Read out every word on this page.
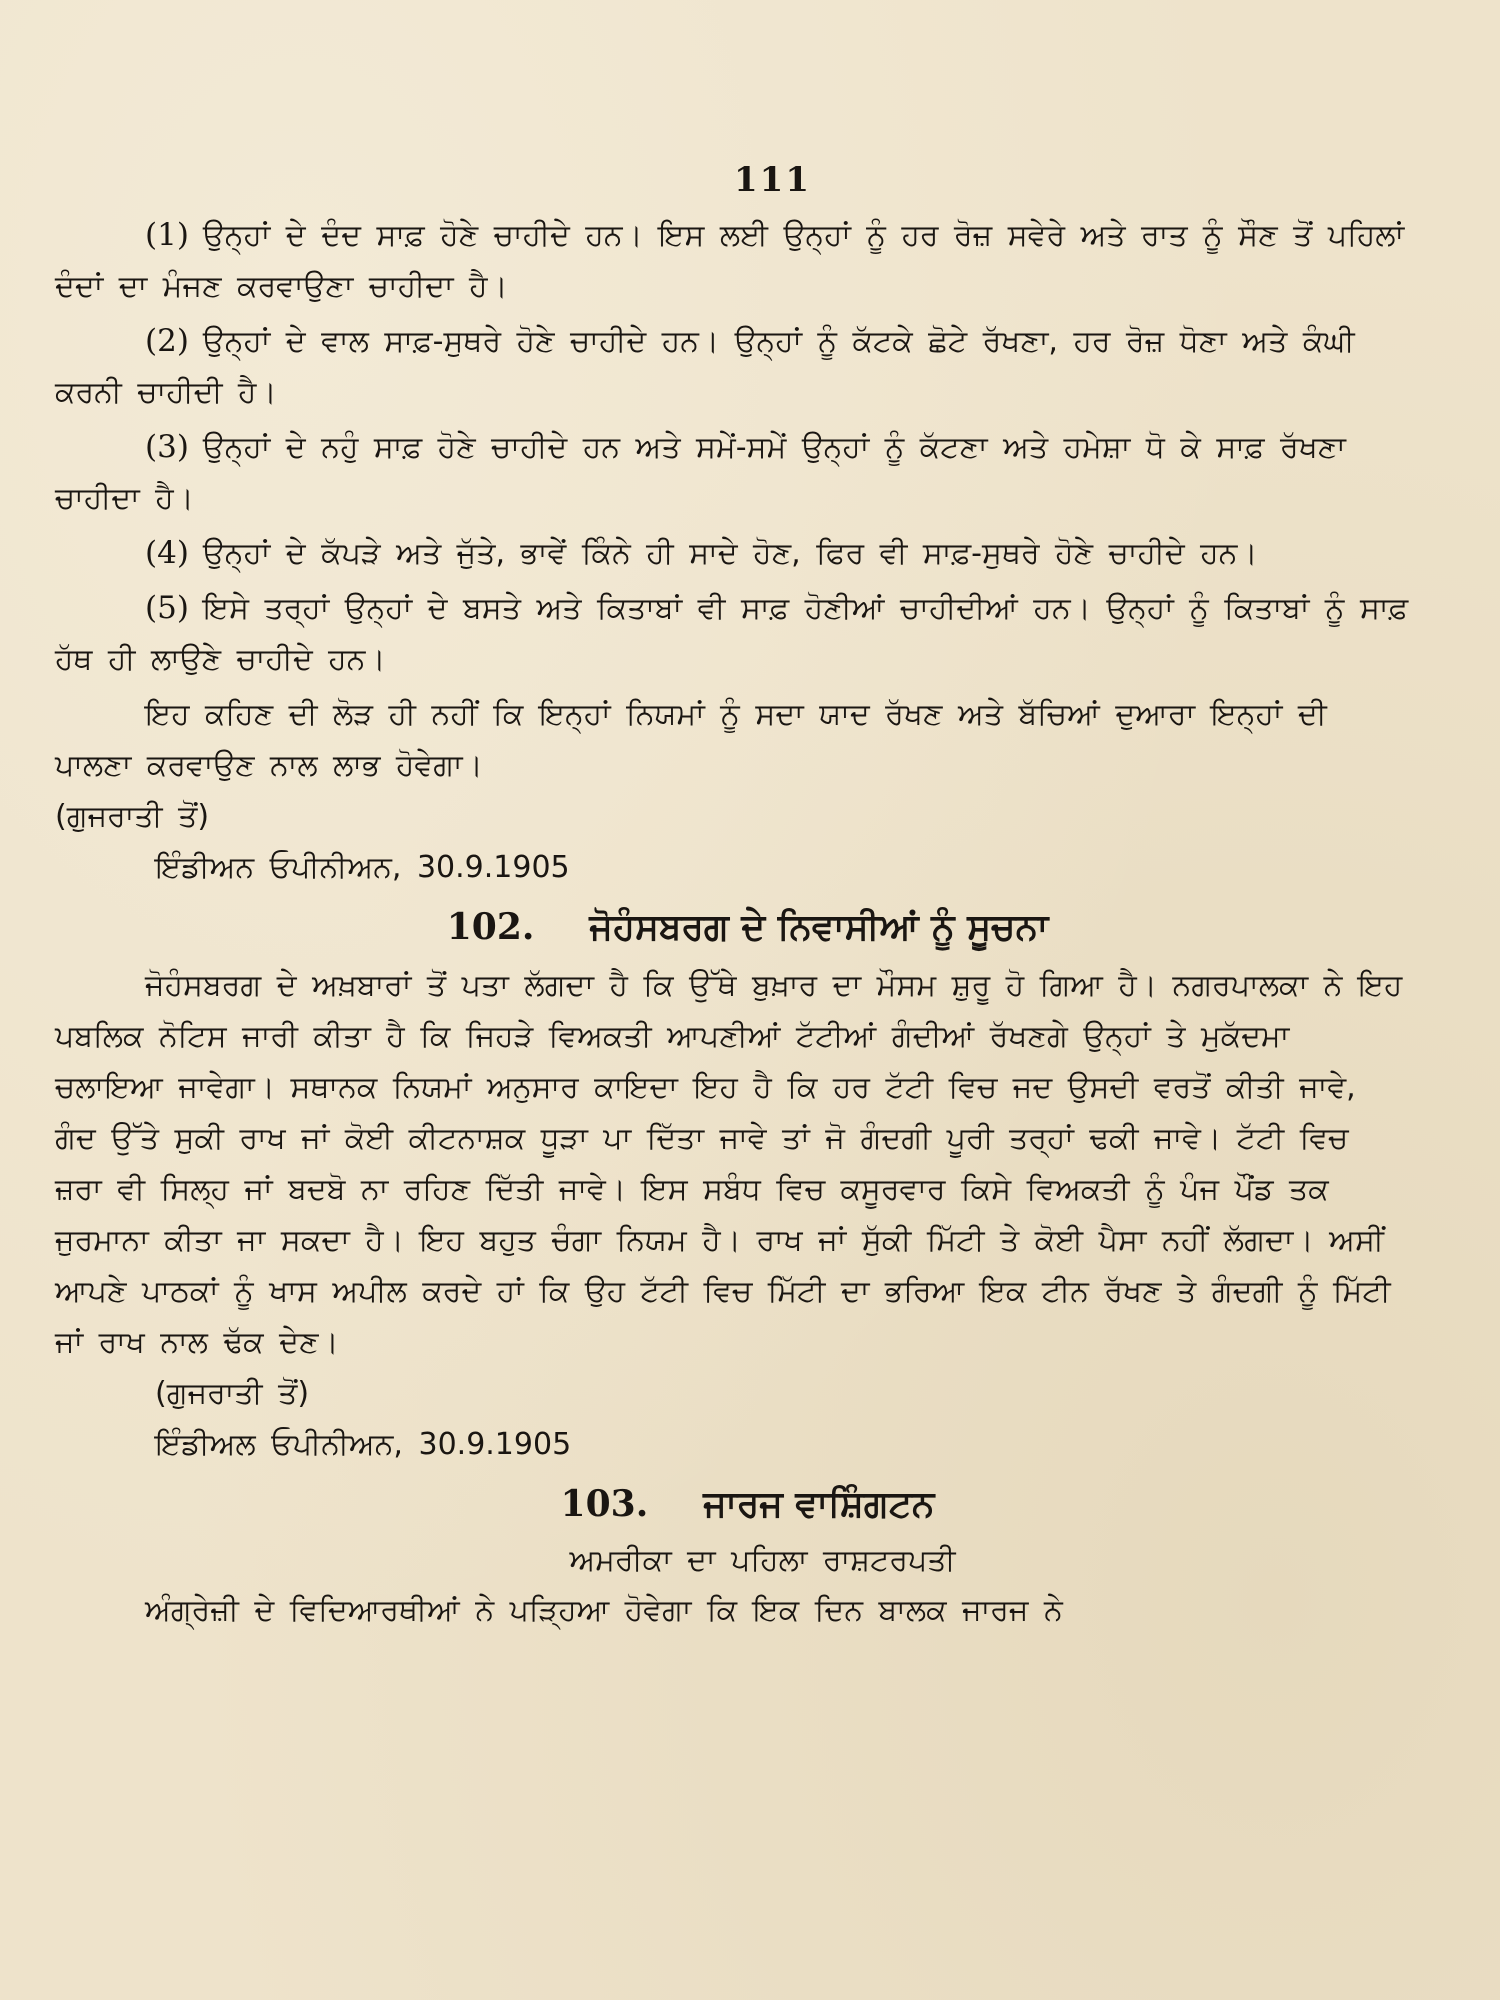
111

(1) ਉਨ੍ਹਾਂ ਦੇ ਦੰਦ ਸਾਫ਼ ਹੋਣੇ ਚਾਹੀਦੇ ਹਨ। ਇਸ ਲਈ ਉਨ੍ਹਾਂ ਨੂੰ ਹਰ ਰੋਜ਼ ਸਵੇਰੇ ਅਤੇ ਰਾਤ ਨੂੰ ਸੌਣ ਤੋਂ ਪਹਿਲਾਂ ਦੰਦਾਂ ਦਾ ਮੰਜਣ ਕਰਵਾਉਣਾ ਚਾਹੀਦਾ ਹੈ।

(2) ਉਨ੍ਹਾਂ ਦੇ ਵਾਲ ਸਾਫ਼-ਸੁਥਰੇ ਹੋਣੇ ਚਾਹੀਦੇ ਹਨ। ਉਨ੍ਹਾਂ ਨੂੰ ਕੱਟਕੇ ਛੋਟੇ ਰੱਖਣਾ, ਹਰ ਰੋਜ਼ ਧੋਣਾ ਅਤੇ ਕੰਘੀ ਕਰਨੀ ਚਾਹੀਦੀ ਹੈ।

(3) ਉਨ੍ਹਾਂ ਦੇ ਨਹੁੰ ਸਾਫ਼ ਹੋਣੇ ਚਾਹੀਦੇ ਹਨ ਅਤੇ ਸਮੇਂ-ਸਮੇਂ ਉਨ੍ਹਾਂ ਨੂੰ ਕੱਟਣਾ ਅਤੇ ਹਮੇਸ਼ਾ ਧੋ ਕੇ ਸਾਫ਼ ਰੱਖਣਾ ਚਾਹੀਦਾ ਹੈ।

(4) ਉਨ੍ਹਾਂ ਦੇ ਕੱਪੜੇ ਅਤੇ ਜੁੱਤੇ, ਭਾਵੇਂ ਕਿੰਨੇ ਹੀ ਸਾਦੇ ਹੋਣ, ਫਿਰ ਵੀ ਸਾਫ਼-ਸੁਥਰੇ ਹੋਣੇ ਚਾਹੀਦੇ ਹਨ।

(5) ਇਸੇ ਤਰ੍ਹਾਂ ਉਨ੍ਹਾਂ ਦੇ ਬਸਤੇ ਅਤੇ ਕਿਤਾਬਾਂ ਵੀ ਸਾਫ਼ ਹੋਣੀਆਂ ਚਾਹੀਦੀਆਂ ਹਨ। ਉਨ੍ਹਾਂ ਨੂੰ ਕਿਤਾਬਾਂ ਨੂੰ ਸਾਫ਼ ਹੱਥ ਹੀ ਲਾਉਣੇ ਚਾਹੀਦੇ ਹਨ।

ਇਹ ਕਹਿਣ ਦੀ ਲੋੜ ਹੀ ਨਹੀਂ ਕਿ ਇਨ੍ਹਾਂ ਨਿਯਮਾਂ ਨੂੰ ਸਦਾ ਯਾਦ ਰੱਖਣ ਅਤੇ ਬੱਚਿਆਂ ਦੁਆਰਾ ਇਨ੍ਹਾਂ ਦੀ ਪਾਲਣਾ ਕਰਵਾਉਣ ਨਾਲ ਲਾਭ ਹੋਵੇਗਾ।

(ਗੁਜਰਾਤੀ ਤੋਂ)

ਇੰਡੀਅਨ ਓਪੀਨੀਅਨ, 30.9.1905

102. ਜੋਹੰਸਬਰਗ ਦੇ ਨਿਵਾਸੀਆਂ ਨੂੰ ਸੂਚਨਾ

ਜੋਹੰਸਬਰਗ ਦੇ ਅਖ਼ਬਾਰਾਂ ਤੋਂ ਪਤਾ ਲੱਗਦਾ ਹੈ ਕਿ ਉੱਥੇ ਬੁਖ਼ਾਰ ਦਾ ਮੌਸਮ ਸ਼ੁਰੂ ਹੋ ਗਿਆ ਹੈ। ਨਗਰਪਾਲਕਾ ਨੇ ਇਹ ਪਬਲਿਕ ਨੋਟਿਸ ਜਾਰੀ ਕੀਤਾ ਹੈ ਕਿ ਜਿਹੜੇ ਵਿਅਕਤੀ ਆਪਣੀਆਂ ਟੱਟੀਆਂ ਗੰਦੀਆਂ ਰੱਖਣਗੇ ਉਨ੍ਹਾਂ ਤੇ ਮੁਕੱਦਮਾ ਚਲਾਇਆ ਜਾਵੇਗਾ। ਸਥਾਨਕ ਨਿਯਮਾਂ ਅਨੁਸਾਰ ਕਾਇਦਾ ਇਹ ਹੈ ਕਿ ਹਰ ਟੱਟੀ ਵਿਚ ਜਦ ਉਸਦੀ ਵਰਤੋਂ ਕੀਤੀ ਜਾਵੇ, ਗੰਦ ਉੱਤੇ ਸੁਕੀ ਰਾਖ ਜਾਂ ਕੋਈ ਕੀਟਨਾਸ਼ਕ ਧੂੜਾ ਪਾ ਦਿੱਤਾ ਜਾਵੇ ਤਾਂ ਜੋ ਗੰਦਗੀ ਪੂਰੀ ਤਰ੍ਹਾਂ ਢਕੀ ਜਾਵੇ। ਟੱਟੀ ਵਿਚ ਜ਼ਰਾ ਵੀ ਸਿਲ੍ਹ ਜਾਂ ਬਦਬੋ ਨਾ ਰਹਿਣ ਦਿੱਤੀ ਜਾਵੇ। ਇਸ ਸਬੰਧ ਵਿਚ ਕਸੂਰਵਾਰ ਕਿਸੇ ਵਿਅਕਤੀ ਨੂੰ ਪੰਜ ਪੌਂਡ ਤਕ ਜੁਰਮਾਨਾ ਕੀਤਾ ਜਾ ਸਕਦਾ ਹੈ। ਇਹ ਬਹੁਤ ਚੰਗਾ ਨਿਯਮ ਹੈ। ਰਾਖ ਜਾਂ ਸੁੱਕੀ ਮਿੱਟੀ ਤੇ ਕੋਈ ਪੈਸਾ ਨਹੀਂ ਲੱਗਦਾ। ਅਸੀਂ ਆਪਣੇ ਪਾਠਕਾਂ ਨੂੰ ਖਾਸ ਅਪੀਲ ਕਰਦੇ ਹਾਂ ਕਿ ਉਹ ਟੱਟੀ ਵਿਚ ਮਿੱਟੀ ਦਾ ਭਰਿਆ ਇਕ ਟੀਨ ਰੱਖਣ ਤੇ ਗੰਦਗੀ ਨੂੰ ਮਿੱਟੀ ਜਾਂ ਰਾਖ ਨਾਲ ਢੱਕ ਦੇਣ।

(ਗੁਜਰਾਤੀ ਤੋਂ)

ਇੰਡੀਅਲ ਓਪੀਨੀਅਨ, 30.9.1905

103. ਜਾਰਜ ਵਾਸ਼ਿੰਗਟਨ

ਅਮਰੀਕਾ ਦਾ ਪਹਿਲਾ ਰਾਸ਼ਟਰਪਤੀ

ਅੰਗ੍ਰੇਜ਼ੀ ਦੇ ਵਿਦਿਆਰਥੀਆਂ ਨੇ ਪੜ੍ਹਿਆ ਹੋਵੇਗਾ ਕਿ ਇਕ ਦਿਨ ਬਾਲਕ ਜਾਰਜ ਨੇ
